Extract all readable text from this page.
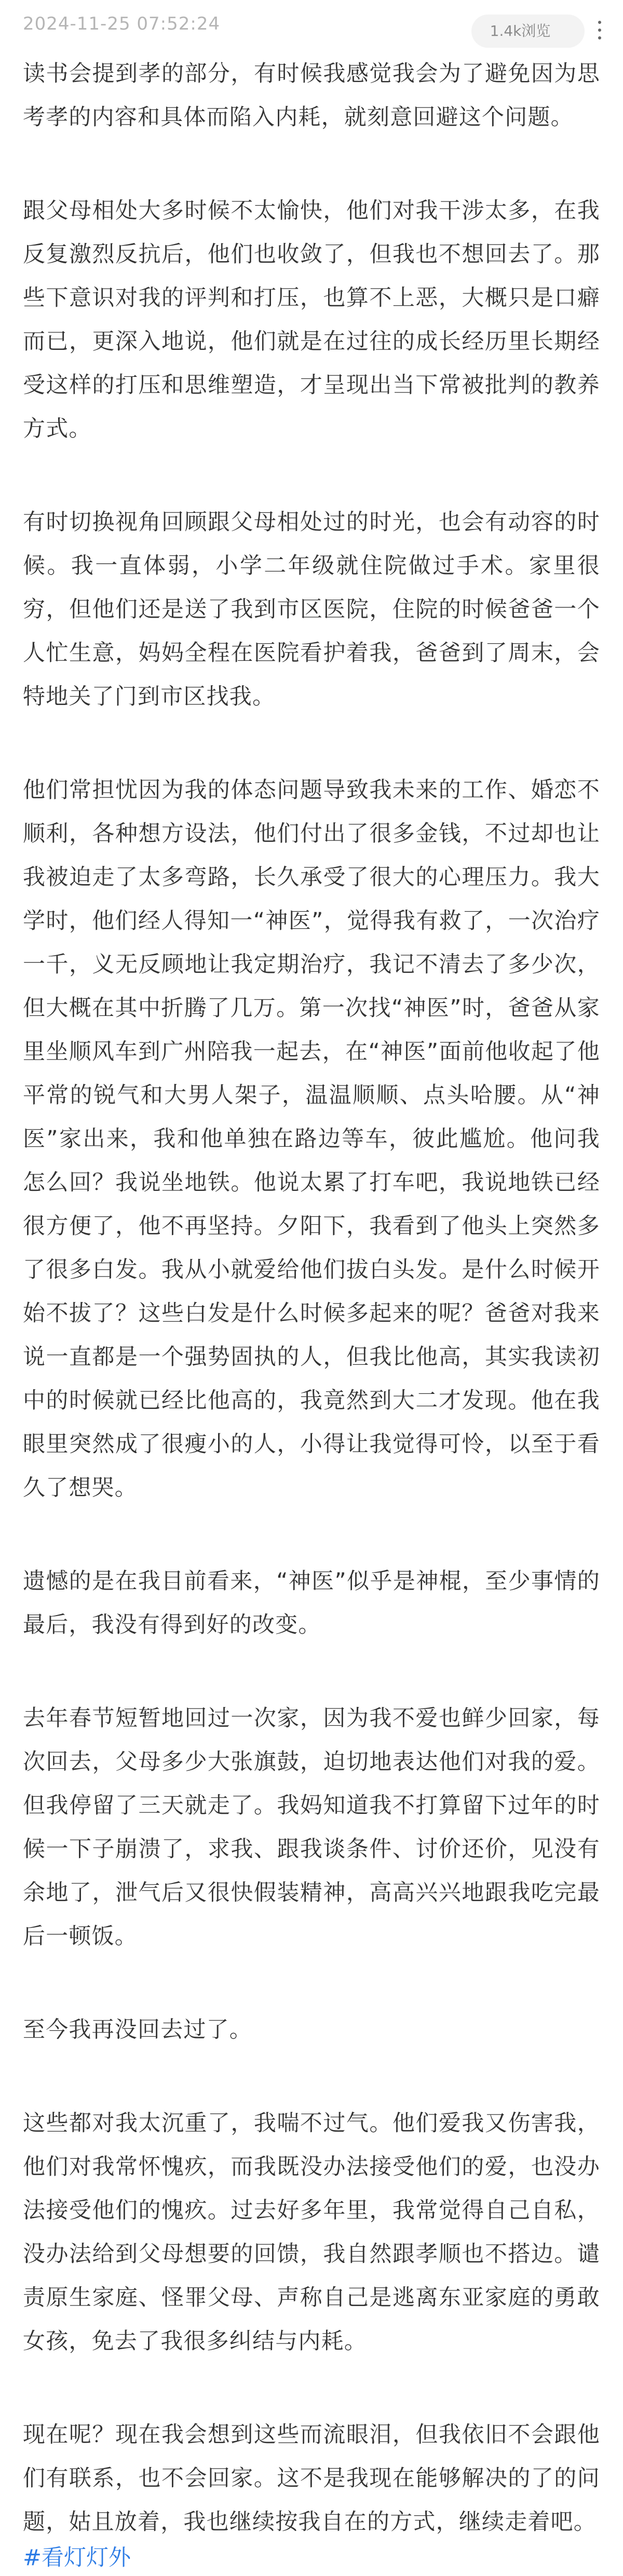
2024-11-25 07:52:24	1.4k浏览

读书会提到孝的部分，有时候我感觉我会为了避免因为思考孝的内容和具体而陷入内耗，就刻意回避这个问题。

跟父母相处大多时候不太愉快，他们对我干涉太多，在我反复激烈反抗后，他们也收敛了，但我也不想回去了。那些下意识对我的评判和打压，也算不上恶，大概只是口癖而已，更深入地说，他们就是在过往的成长经历里长期经受这样的打压和思维塑造，才呈现出当下常被批判的教养方式。

有时切换视角回顾跟父母相处过的时光，也会有动容的时候。我一直体弱，小学二年级就住院做过手术。家里很穷，但他们还是送了我到市区医院，住院的时候爸爸一个人忙生意，妈妈全程在医院看护着我，爸爸到了周末，会特地关了门到市区找我。

他们常担忧因为我的体态问题导致我未来的工作、婚恋不顺利，各种想方设法，他们付出了很多金钱，不过却也让我被迫走了太多弯路，长久承受了很大的心理压力。我大学时，他们经人得知一“神医”，觉得我有救了，一次治疗一千，义无反顾地让我定期治疗，我记不清去了多少次，但大概在其中折腾了几万。第一次找“神医”时，爸爸从家里坐顺风车到广州陪我一起去，在“神医”面前他收起了他平常的锐气和大男人架子，温温顺顺、点头哈腰。从“神医”家出来，我和他单独在路边等车，彼此尴尬。他问我怎么回？我说坐地铁。他说太累了打车吧，我说地铁已经很方便了，他不再坚持。夕阳下，我看到了他头上突然多了很多白发。我从小就爱给他们拔白头发。是什么时候开始不拔了？这些白发是什么时候多起来的呢？爸爸对我来说一直都是一个强势固执的人，但我比他高，其实我读初中的时候就已经比他高的，我竟然到大二才发现。他在我眼里突然成了很瘦小的人，小得让我觉得可怜，以至于看久了想哭。

遗憾的是在我目前看来，“神医”似乎是神棍，至少事情的最后，我没有得到好的改变。

去年春节短暂地回过一次家，因为我不爱也鲜少回家，每次回去，父母多少大张旗鼓，迫切地表达他们对我的爱。但我停留了三天就走了。我妈知道我不打算留下过年的时候一下子崩溃了，求我、跟我谈条件、讨价还价，见没有余地了，泄气后又很快假装精神，高高兴兴地跟我吃完最后一顿饭。

至今我再没回去过了。

这些都对我太沉重了，我喘不过气。他们爱我又伤害我，他们对我常怀愧疚，而我既没办法接受他们的爱，也没办法接受他们的愧疚。过去好多年里，我常觉得自己自私，没办法给到父母想要的回馈，我自然跟孝顺也不搭边。谴责原生家庭、怪罪父母、声称自己是逃离东亚家庭的勇敢女孩，免去了我很多纠结与内耗。

现在呢？现在我会想到这些而流眼泪，但我依旧不会跟他们有联系，也不会回家。这不是我现在能够解决的了的问题，姑且放着，我也继续按我自在的方式，继续走着吧。

#看灯灯外
